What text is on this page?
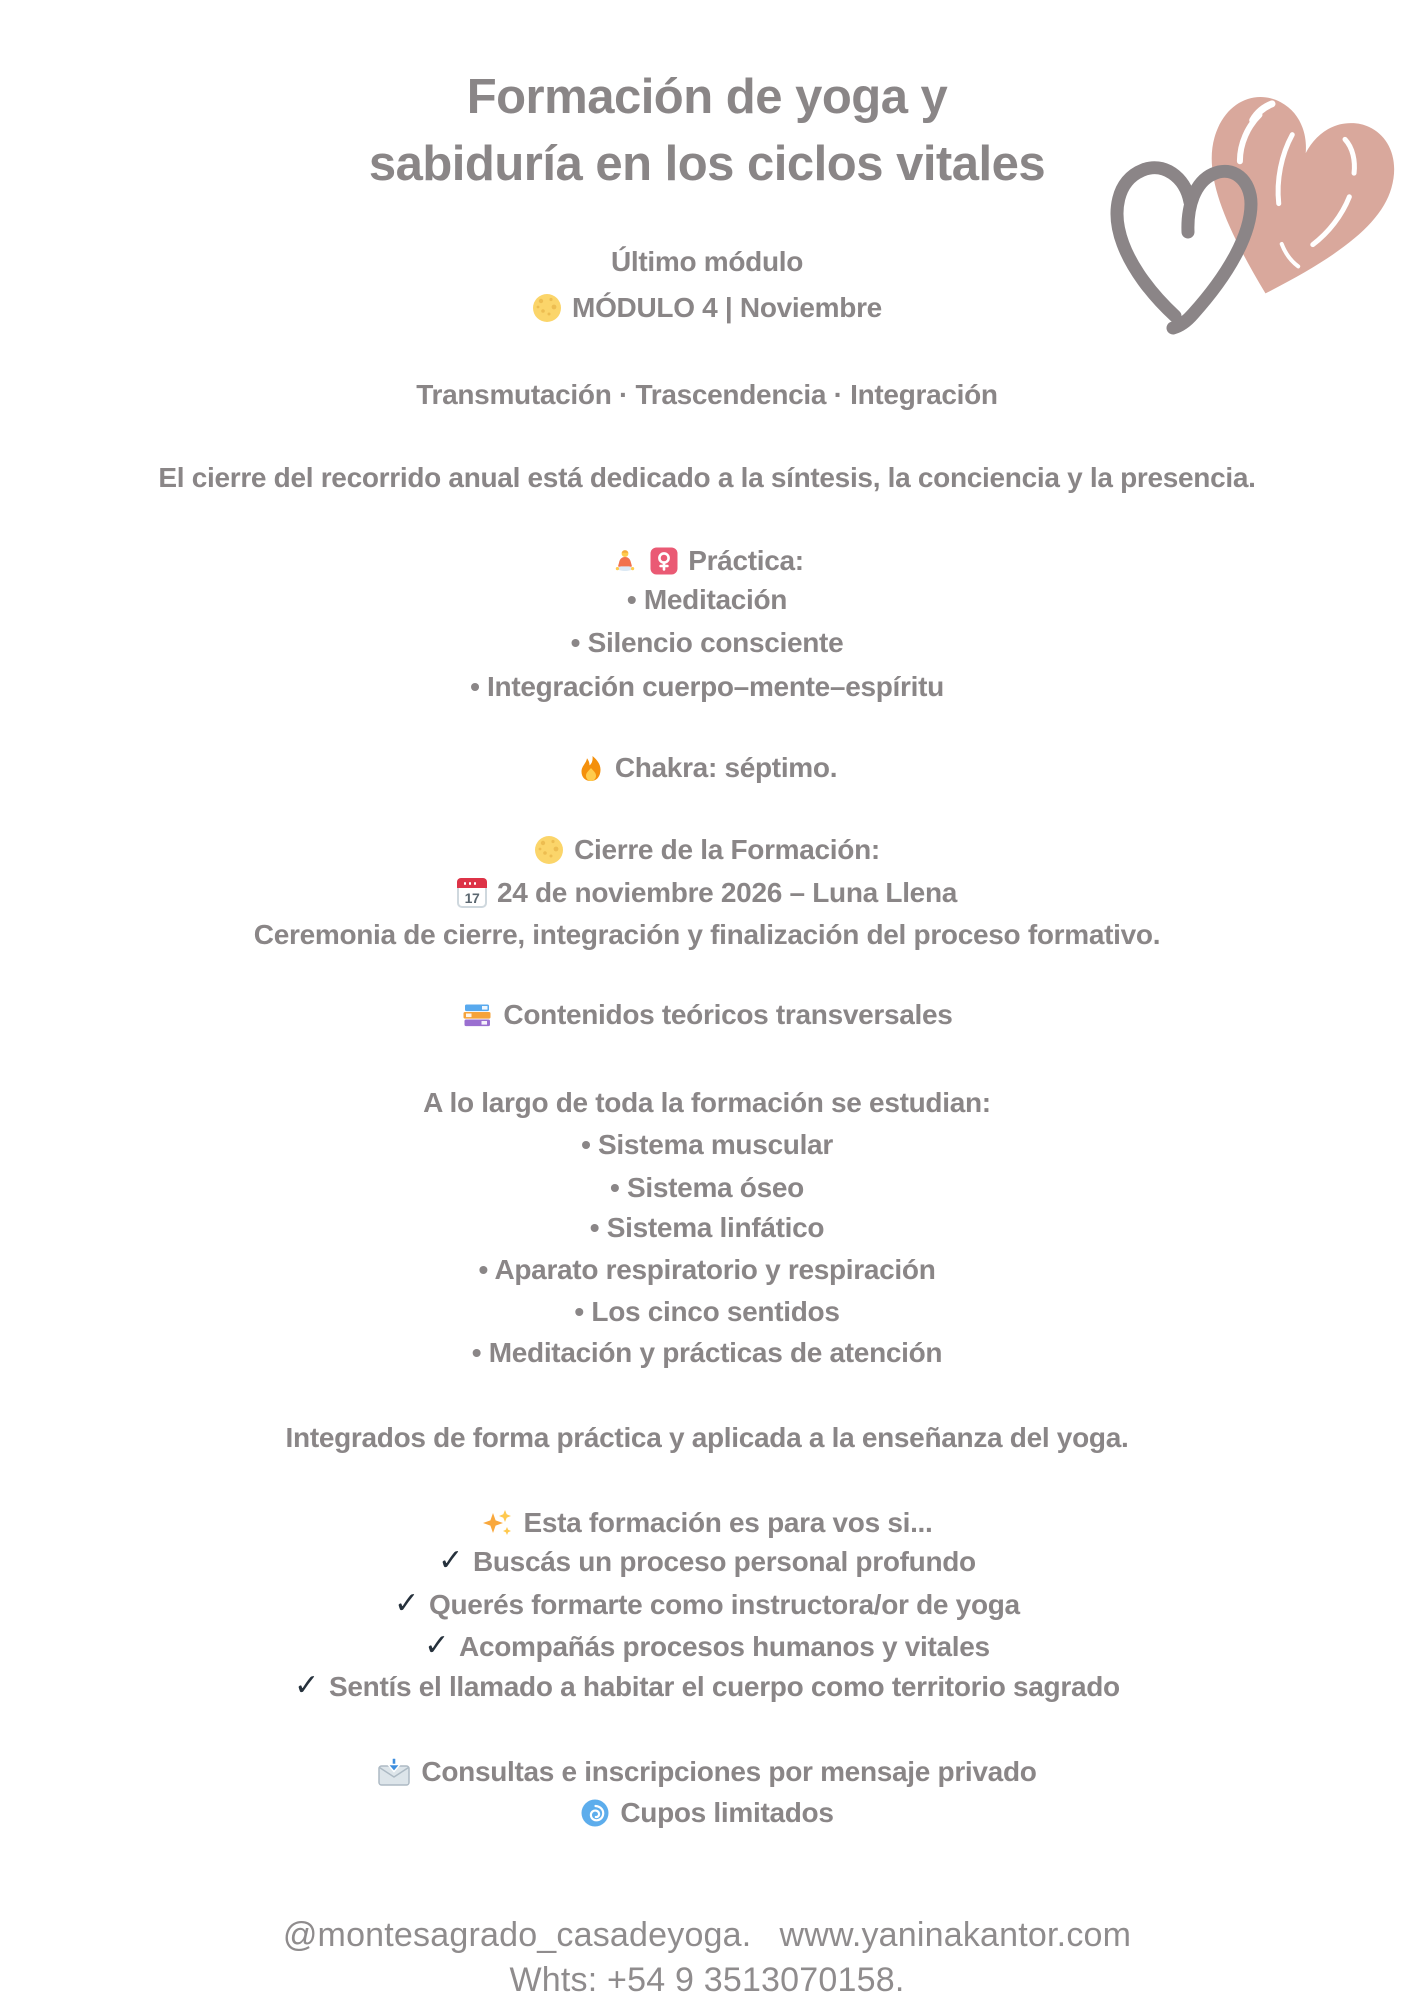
Formación de yoga y
sabiduría en los ciclos vitales
Último módulo
MÓDULO 4 | Noviembre
Transmutación · Trascendencia · Integración
El cierre del recorrido anual está dedicado a la síntesis, la conciencia y la presencia.
Práctica:
• Meditación
• Silencio consciente
• Integración cuerpo–mente–espíritu
Chakra: séptimo.
Cierre de la Formación:

17

24 de noviembre 2026 – Luna Llena
Ceremonia de cierre, integración y finalización del proceso formativo.
Contenidos teóricos transversales
A lo largo de toda la formación se estudian:
• Sistema muscular
• Sistema óseo
• Sistema linfático
• Aparato respiratorio y respiración
• Los cinco sentidos
• Meditación y prácticas de atención
Integrados de forma práctica y aplicada a la enseñanza del yoga.
Esta formación es para vos si...
✓ Buscás un proceso personal profundo
✓ Querés formarte como instructora/or de yoga
✓ Acompañás procesos humanos y vitales
✓ Sentís el llamado a habitar el cuerpo como territorio sagrado
Consultas e inscripciones por mensaje privado
Cupos limitados
@montesagrado_casadeyoga. www.yaninakantor.com
Whts: +54 9 3513070158.
